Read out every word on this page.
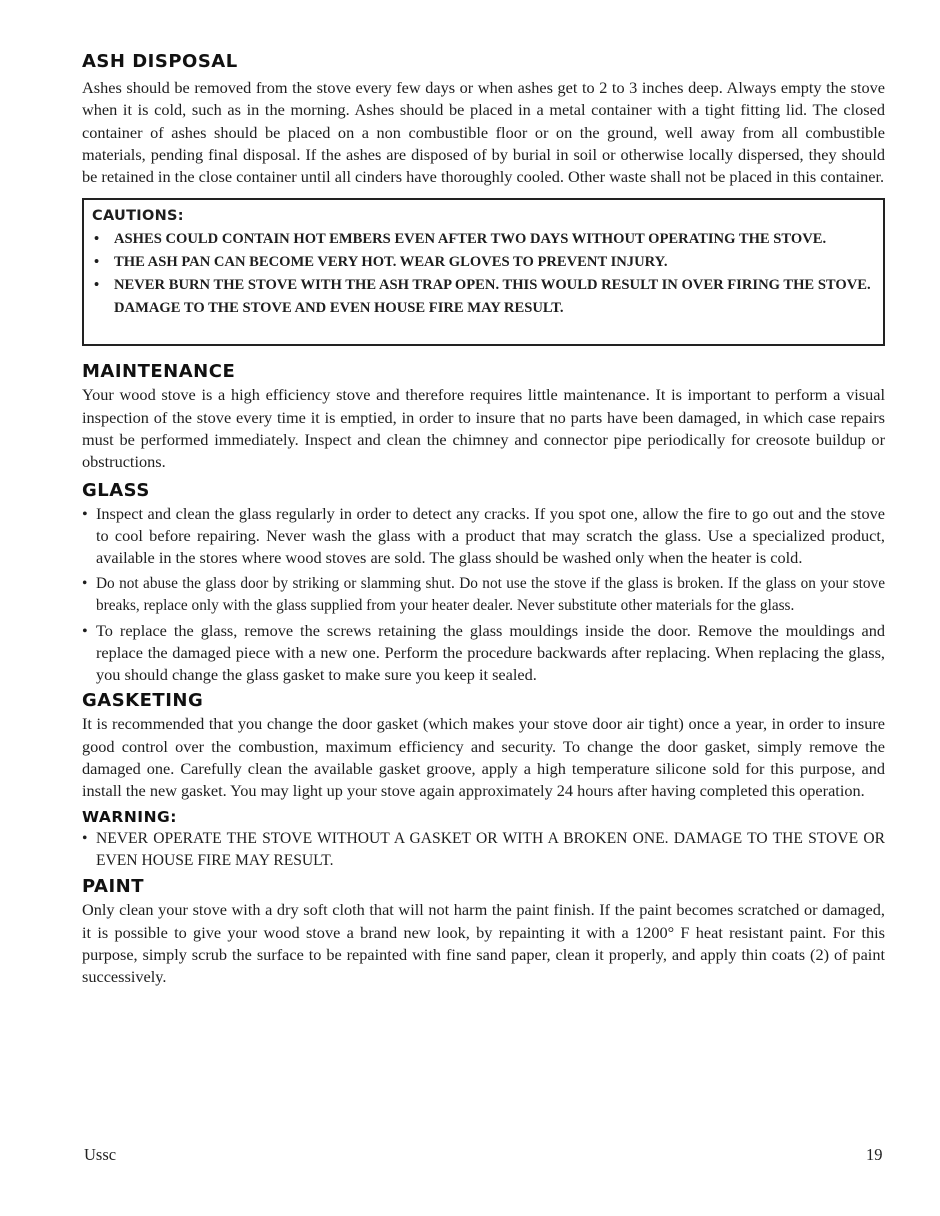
ASH DISPOSAL

Ashes should be removed from the stove every few days or when ashes get to 2 to 3 inches deep. Always empty the stove when it is cold, such as in the morning. Ashes should be placed in a metal container with a tight fitting lid. The closed container of ashes should be placed on a non combustible floor or on the ground, well away from all combustible materials, pending final disposal. If the ashes are disposed of by burial in soil or otherwise locally dispersed, they should be retained in the close container until all cinders have thoroughly cooled. Other waste shall not be placed in this container.

CAUTIONS:
• ASHES COULD CONTAIN HOT EMBERS EVEN AFTER TWO DAYS WITHOUT OPERATING THE STOVE.
• THE ASH PAN CAN BECOME VERY HOT. WEAR GLOVES TO PREVENT INJURY.
• NEVER BURN THE STOVE WITH THE ASH TRAP OPEN. THIS WOULD RESULT IN OVER FIRING THE STOVE. DAMAGE TO THE STOVE AND EVEN HOUSE FIRE MAY RESULT.
MAINTENANCE

Your wood stove is a high efficiency stove and therefore requires little maintenance. It is important to perform a visual inspection of the stove every time it is emptied, in order to insure that no parts have been damaged, in which case repairs must be performed immediately. Inspect and clean the chimney and connector pipe periodically for creosote buildup or obstructions.

GLASS
• Inspect and clean the glass regularly in order to detect any cracks. If you spot one, allow the fire to go out and the stove to cool before repairing. Never wash the glass with a product that may scratch the glass. Use a specialized product, available in the stores where wood stoves are sold. The glass should be washed only when the heater is cold.
• Do not abuse the glass door by striking or slamming shut. Do not use the stove if the glass is broken. If the glass on your stove breaks, replace only with the glass supplied from your heater dealer. Never substitute other materials for the glass.
• To replace the glass, remove the screws retaining the glass mouldings inside the door. Remove the mouldings and replace the damaged piece with a new one. Perform the procedure backwards after replacing. When replacing the glass, you should change the glass gasket to make sure you keep it sealed.
GASKETING

It is recommended that you change the door gasket (which makes your stove door air tight) once a year, in order to insure good control over the combustion, maximum efficiency and security. To change the door gasket, simply remove the damaged one. Carefully clean the available gasket groove, apply a high temperature silicone sold for this purpose, and install the new gasket. You may light up your stove again approximately 24 hours after having completed this operation.

WARNING:
• NEVER OPERATE THE STOVE WITHOUT A GASKET OR WITH A BROKEN ONE. DAMAGE TO THE STOVE OR EVEN HOUSE FIRE MAY RESULT.
PAINT

Only clean your stove with a dry soft cloth that will not harm the paint finish. If the paint becomes scratched or damaged, it is possible to give your wood stove a brand new look, by repainting it with a 1200° F heat resistant paint. For this purpose, simply scrub the surface to be repainted with fine sand paper, clean it properly, and apply thin coats (2) of paint successively.

Ussc	19
